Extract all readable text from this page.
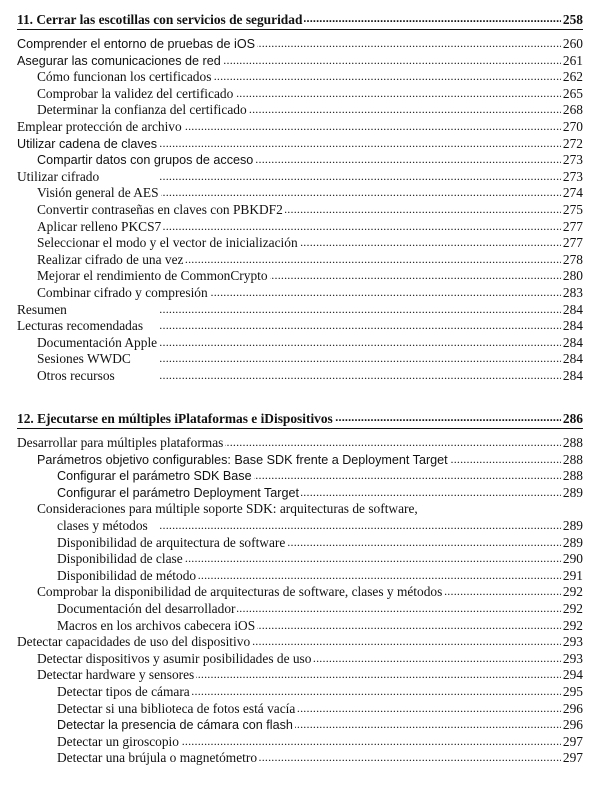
11. Cerrar las escotillas con servicios de seguridad . . .	258
Comprender el entorno de pruebas de iOS . . .	260
Asegurar las comunicaciones de red . . .	261
Cómo funcionan los certificados . . .	262
Comprobar la validez del certificado . . .	265
Determinar la confianza del certificado . . .	268
Emplear protección de archivo . . .	270
Utilizar cadena de claves . . .	272
Compartir datos con grupos de acceso . . .	273
Utilizar cifrado . . .	273
Visión general de AES . . .	274
Convertir contraseñas en claves con PBKDF2 . . .	275
Aplicar relleno PKCS7 . . .	277
Seleccionar el modo y el vector de inicialización . . .	277
Realizar cifrado de una vez . . .	278
Mejorar el rendimiento de CommonCrypto . . .	280
Combinar cifrado y compresión . . .	283
Resumen . . .	284
Lecturas recomendadas . . .	284
Documentación Apple . . .	284
Sesiones WWDC . . .	284
Otros recursos . . .	284
12. Ejecutarse en múltiples iPlataformas e iDispositivos . . .	286
Desarrollar para múltiples plataformas . . .	288
Parámetros objetivo configurables: Base SDK frente a Deployment Target . . .	288
Configurar el parámetro SDK Base . . .	288
Configurar el parámetro Deployment Target . . .	289
Consideraciones para múltiple soporte SDK: arquitecturas de software,
clases y métodos . . .	289
Disponibilidad de arquitectura de software . . .	289
Disponibilidad de clase . . .	290
Disponibilidad de método . . .	291
Comprobar la disponibilidad de arquitecturas de software, clases y métodos . . .	292
Documentación del desarrollador . . .	292
Macros en los archivos cabecera iOS . . .	292
Detectar capacidades de uso del dispositivo . . .	293
Detectar dispositivos y asumir posibilidades de uso . . .	293
Detectar hardware y sensores . . .	294
Detectar tipos de cámara . . .	295
Detectar si una biblioteca de fotos está vacía . . .	296
Detectar la presencia de cámara con flash . . .	296
Detectar un giroscopio . . .	297
Detectar una brújula o magnetómetro . . .	297
